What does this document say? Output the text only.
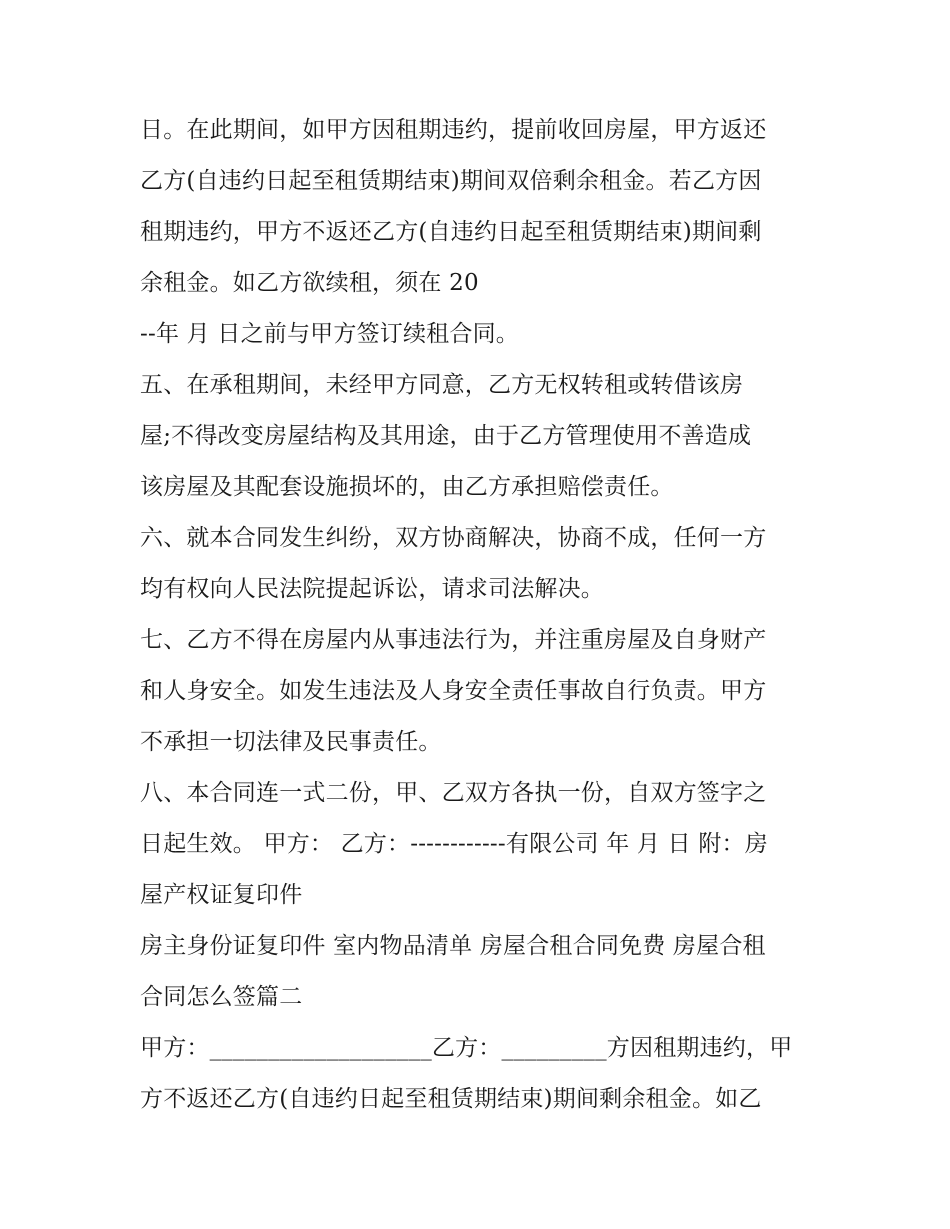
日。在此期间，如甲方因租期违约，提前收回房屋，甲方返还
乙方(自违约日起至租赁期结束)期间双倍剩余租金。若乙方因
租期违约，甲方不返还乙方(自违约日起至租赁期结束)期间剩
余租金。如乙方欲续租，须在 20
--年 月 日之前与甲方签订续租合同。
五、在承租期间，未经甲方同意，乙方无权转租或转借该房
屋;不得改变房屋结构及其用途，由于乙方管理使用不善造成
该房屋及其配套设施损坏的，由乙方承担赔偿责任。
六、就本合同发生纠纷，双方协商解决，协商不成，任何一方
均有权向人民法院提起诉讼，请求司法解决。
七、乙方不得在房屋内从事违法行为，并注重房屋及自身财产
和人身安全。如发生违法及人身安全责任事故自行负责。甲方
不承担一切法律及民事责任。
八、本合同连一式二份，甲、乙双方各执一份，自双方签字之
日起生效。 甲方： 乙方：------------有限公司 年 月 日 附：房
屋产权证复印件
房主身份证复印件 室内物品清单 房屋合租合同免费 房屋合租
合同怎么签篇二
甲方：___________________乙方：_________方因租期违约，甲
方不返还乙方(自违约日起至租赁期结束)期间剩余租金。如乙
